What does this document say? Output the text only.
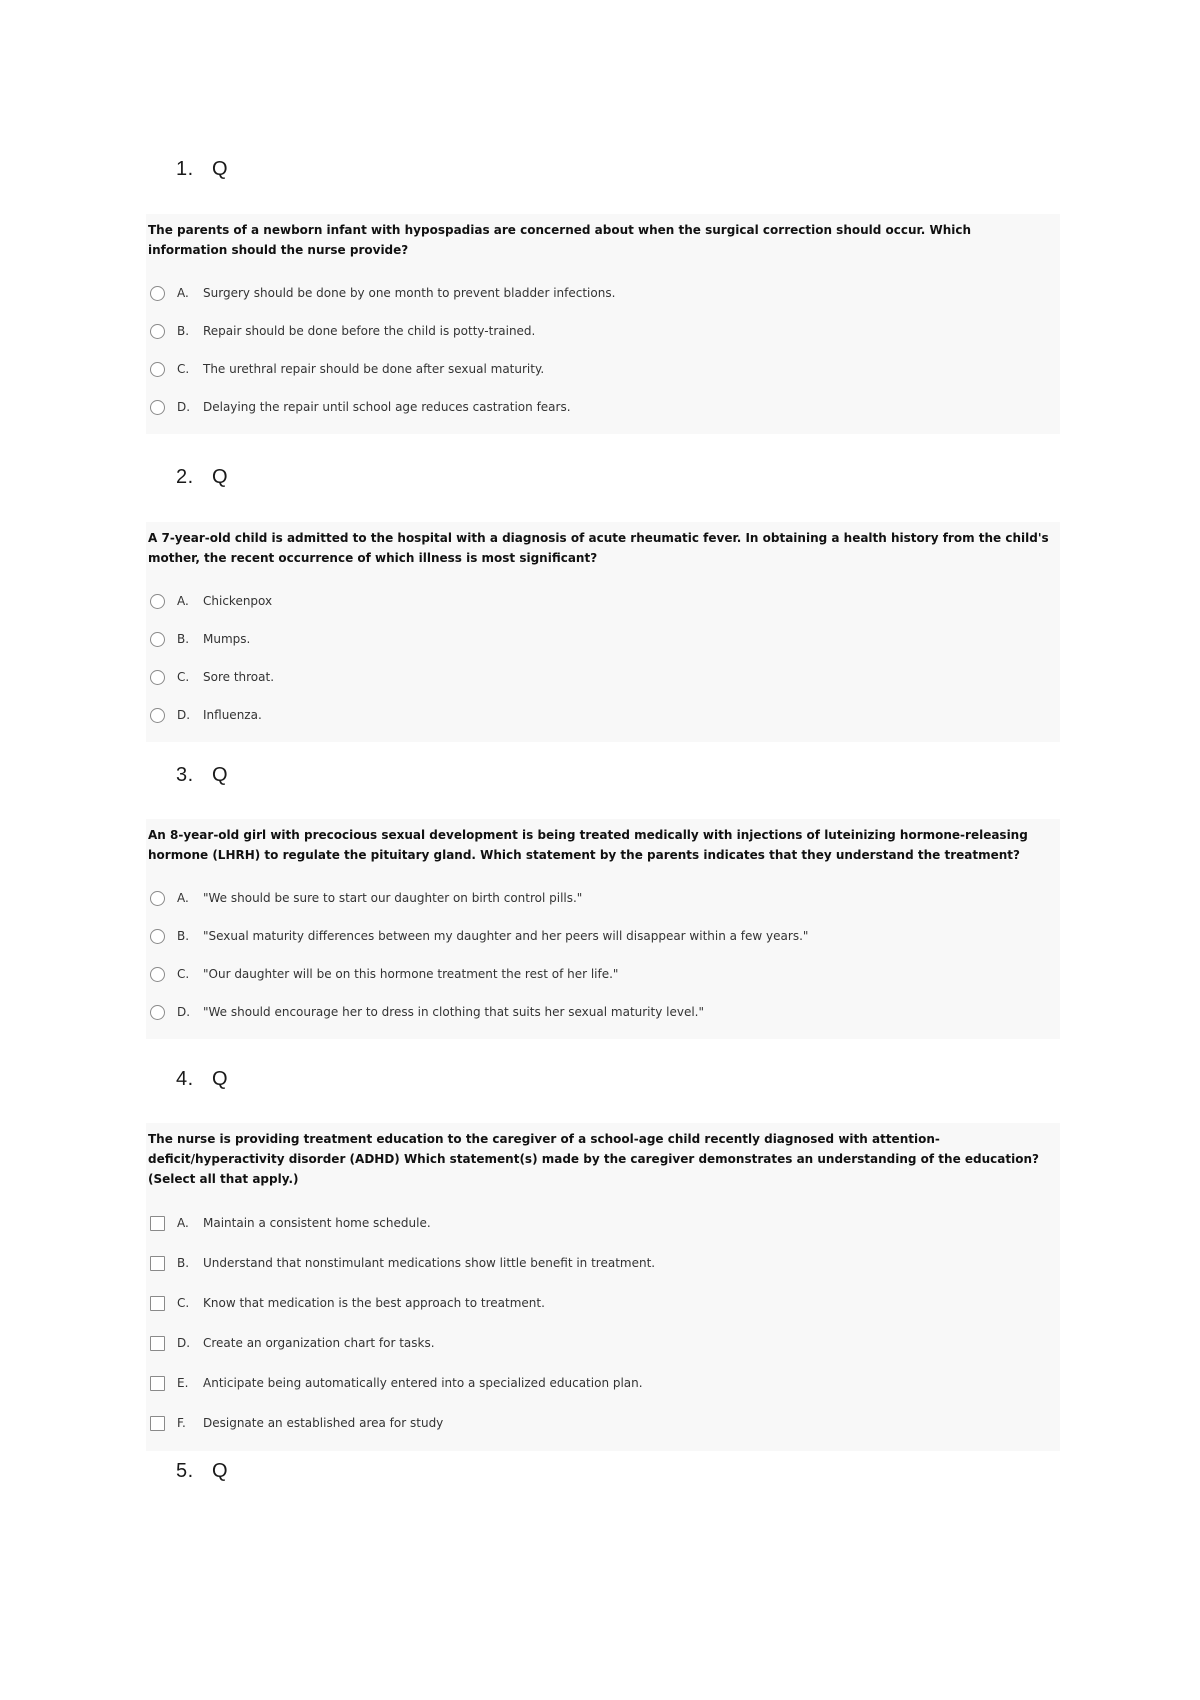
1. Q

The parents of a newborn infant with hypospadias are concerned about when the surgical correction should occur. Which information should the nurse provide?

A.	Surgery should be done by one month to prevent bladder infections.
B.	Repair should be done before the child is potty-trained.
C.	The urethral repair should be done after sexual maturity.
D.	Delaying the repair until school age reduces castration fears.
2. Q

A 7-year-old child is admitted to the hospital with a diagnosis of acute rheumatic fever. In obtaining a health history from the child's mother, the recent occurrence of which illness is most significant?

A.	Chickenpox
B.	Mumps.
C.	Sore throat.
D.	Influenza.
3. Q

An 8-year-old girl with precocious sexual development is being treated medically with injections of luteinizing hormone-releasing hormone (LHRH) to regulate the pituitary gland. Which statement by the parents indicates that they understand the treatment?

A.	"We should be sure to start our daughter on birth control pills."
B.	"Sexual maturity differences between my daughter and her peers will disappear within a few years."
C.	"Our daughter will be on this hormone treatment the rest of her life."
D.	"We should encourage her to dress in clothing that suits her sexual maturity level."
4. Q

The nurse is providing treatment education to the caregiver of a school-age child recently diagnosed with attention-deficit/hyperactivity disorder (ADHD) Which statement(s) made by the caregiver demonstrates an understanding of the education? (Select all that apply.)

A.	Maintain a consistent home schedule.
B.	Understand that nonstimulant medications show little benefit in treatment.
C.	Know that medication is the best approach to treatment.
D.	Create an organization chart for tasks.
E.	Anticipate being automatically entered into a specialized education plan.
F.	Designate an established area for study
5. Q
